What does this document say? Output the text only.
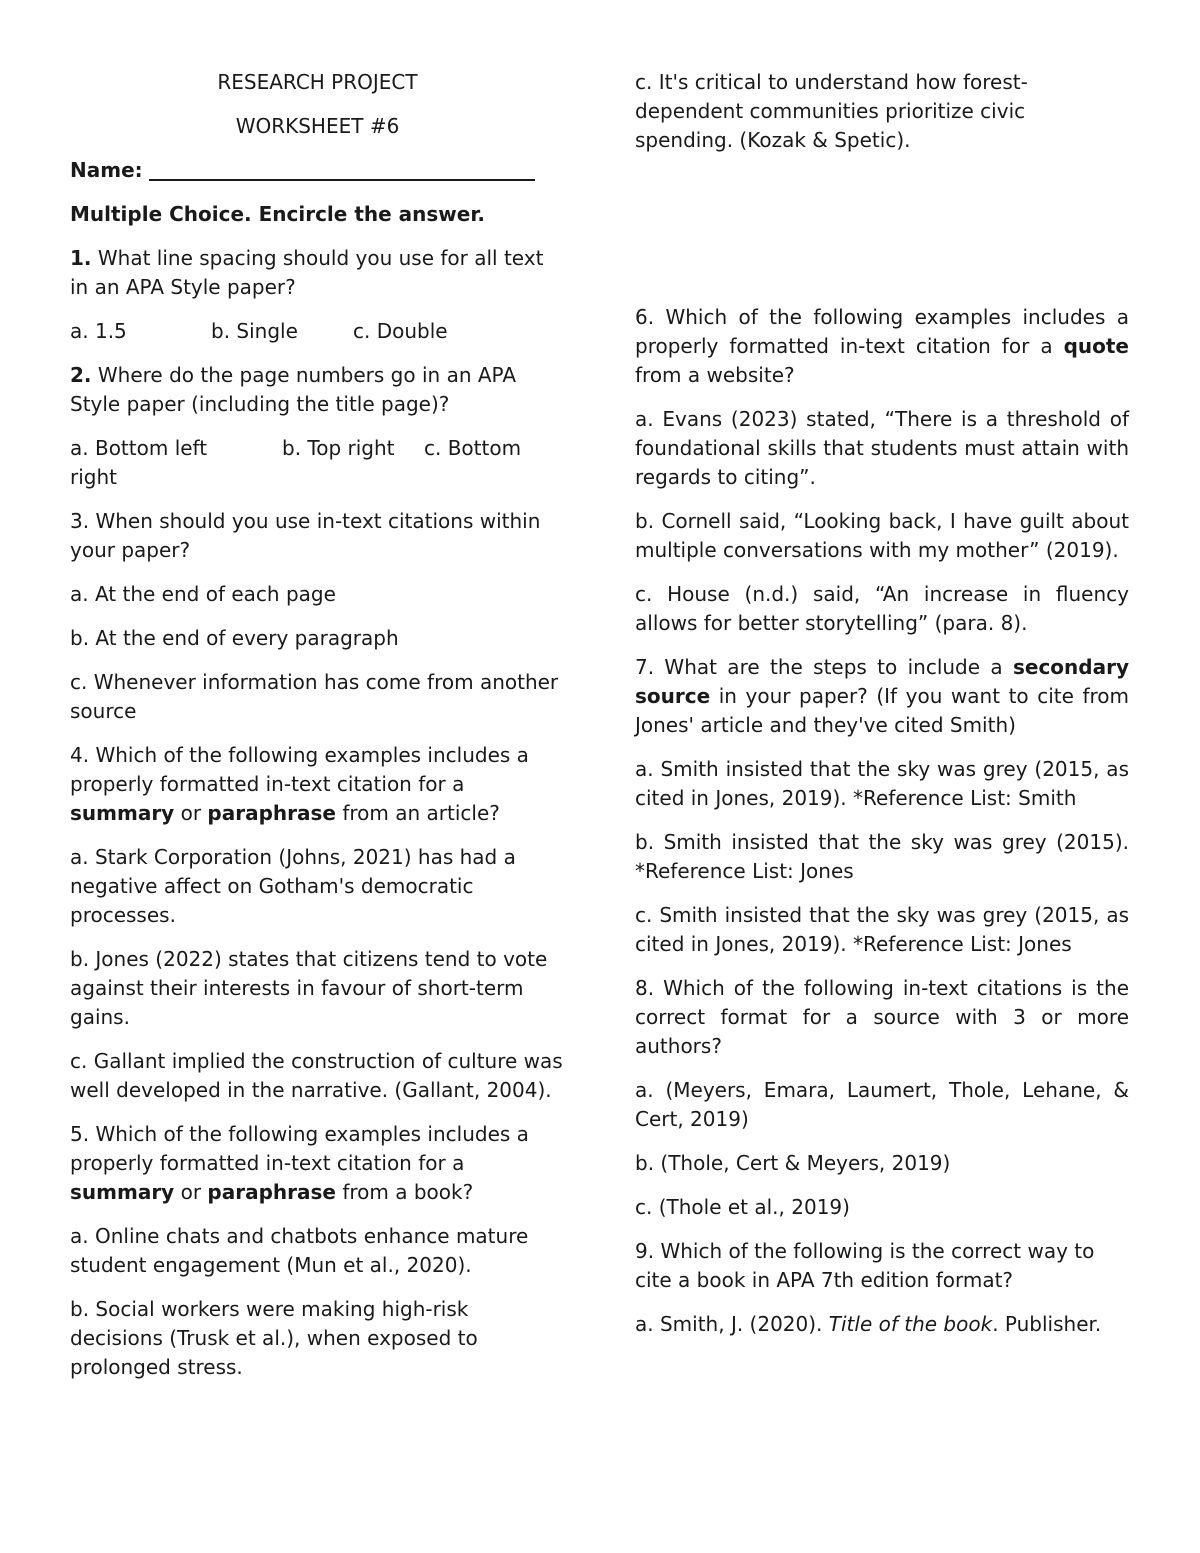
RESEARCH PROJECT

WORKSHEET #6

Name:

Multiple Choice. Encircle the answer.

1. What line spacing should you use for all text in an APA Style paper?

a. 1.5	b. Single	c. Double

2. Where do the page numbers go in an APA Style paper (including the title page)?

a. Bottom left	b. Top right c. Bottom right

3. When should you use in-text citations within your paper?

a. At the end of each page

b. At the end of every paragraph

c. Whenever information has come from another source

4. Which of the following examples includes a properly formatted in-text citation for a summary or paraphrase from an article?

a. Stark Corporation (Johns, 2021) has had a negative affect on Gotham's democratic processes.

b. Jones (2022) states that citizens tend to vote against their interests in favour of short-term gains.

c. Gallant implied the construction of culture was well developed in the narrative. (Gallant, 2004).

5. Which of the following examples includes a properly formatted in-text citation for a summary or paraphrase from a book?

a. Online chats and chatbots enhance mature student engagement (Mun et al., 2020).

b. Social workers were making high-risk decisions (Trusk et al.), when exposed to prolonged stress.

c. It's critical to understand how forest-dependent communities prioritize civic spending. (Kozak & Spetic).

6. Which of the following examples includes a properly formatted in-text citation for a quote from a website?

a. Evans (2023) stated, “There is a threshold of foundational skills that students must attain with regards to citing”.

b. Cornell said, “Looking back, I have guilt about multiple conversations with my mother” (2019).

c. House (n.d.) said, “An increase in fluency allows for better storytelling” (para. 8).

7. What are the steps to include a secondary source in your paper? (If you want to cite from Jones' article and they've cited Smith)

a. Smith insisted that the sky was grey (2015, as cited in Jones, 2019). *Reference List: Smith

b. Smith insisted that the sky was grey (2015). *Reference List: Jones

c. Smith insisted that the sky was grey (2015, as cited in Jones, 2019). *Reference List: Jones

8. Which of the following in-text citations is the correct format for a source with 3 or more authors?

a. (Meyers, Emara, Laumert, Thole, Lehane, & Cert, 2019)

b. (Thole, Cert & Meyers, 2019)

c. (Thole et al., 2019)

9. Which of the following is the correct way to cite a book in APA 7th edition format?

a. Smith, J. (2020). Title of the book. Publisher.
